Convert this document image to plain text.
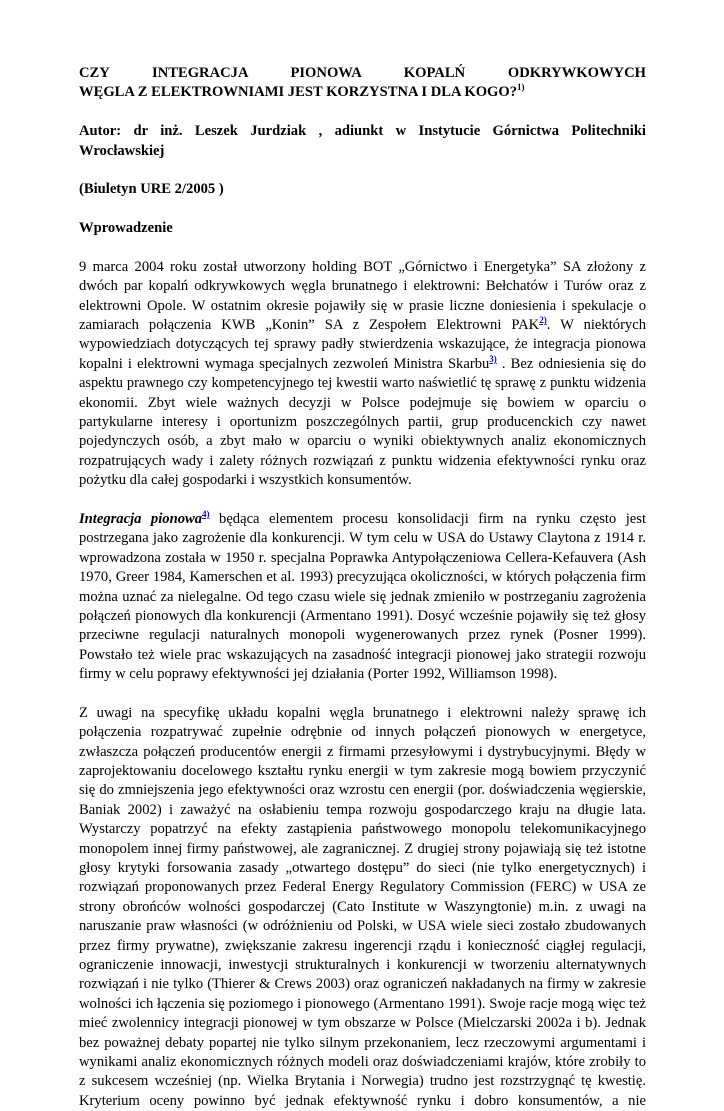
CZY INTEGRACJA PIONOWA KOPALŃ ODKRYWKOWYCH

WĘGLA Z ELEKTROWNIAMI JEST KORZYSTNA I DLA KOGO?$^{1)}$

Autor: dr inż. Leszek Jurdziak , adiunkt w Instytucie Górnictwa Politechniki

Wrocławskiej

(Biuletyn URE 2/2005 )

Wprowadzenie

9 marca 2004 roku został utworzony holding BOT „Górnictwo i Energetyka” SA złożony z

dwóch par kopalń odkrywkowych węgla brunatnego i elektrowni: Bełchatów i Turów oraz z

elektrowni Opole. W ostatnim okresie pojawiły się w prasie liczne doniesienia i spekulacje o

zamiarach połączenia KWB „Konin” SA z Zespołem Elektrowni PAK$^{2)}$. W niektórych

wypowiedziach dotyczących tej sprawy padły stwierdzenia wskazujące, że integracja pionowa

kopalni i elektrowni wymaga specjalnych zezwoleń Ministra Skarbu$^{3)}$ . Bez odniesienia się do

aspektu prawnego czy kompetencyjnego tej kwestii warto naświetlić tę sprawę z punktu widzenia

ekonomii. Zbyt wiele ważnych decyzji w Polsce podejmuje się bowiem w oparciu o

partykularne interesy i oportunizm poszczególnych partii, grup producenckich czy nawet

pojedynczych osób, a zbyt mało w oparciu o wyniki obiektywnych analiz ekonomicznych

rozpatrujących wady i zalety różnych rozwiązań z punktu widzenia efektywności rynku oraz

pożytku dla całej gospodarki i wszystkich konsumentów.

Integracja pionowa$^{4)}$ będąca elementem procesu konsolidacji firm na rynku często jest

postrzegana jako zagrożenie dla konkurencji. W tym celu w USA do Ustawy Claytona z 1914 r.

wprowadzona została w 1950 r. specjalna Poprawka Antypołączeniowa Cellera-Kefauvera (Ash

1970, Greer 1984, Kamerschen et al. 1993) precyzująca okoliczności, w których połączenia firm

można uznać za nielegalne. Od tego czasu wiele się jednak zmieniło w postrzeganiu zagrożenia

połączeń pionowych dla konkurencji (Armentano 1991). Dosyć wcześnie pojawiły się też głosy

przeciwne regulacji naturalnych monopoli wygenerowanych przez rynek (Posner 1999).

Powstało też wiele prac wskazujących na zasadność integracji pionowej jako strategii rozwoju

firmy w celu poprawy efektywności jej działania (Porter 1992, Williamson 1998).

Z uwagi na specyfikę układu kopalni węgla brunatnego i elektrowni należy sprawę ich

połączenia rozpatrywać zupełnie odrębnie od innych połączeń pionowych w energetyce,

zwłaszcza połączeń producentów energii z firmami przesyłowymi i dystrybucyjnymi. Błędy w

zaprojektowaniu docelowego kształtu rynku energii w tym zakresie mogą bowiem przyczynić

się do zmniejszenia jego efektywności oraz wzrostu cen energii (por. doświadczenia węgierskie,

Baniak 2002) i zaważyć na osłabieniu tempa rozwoju gospodarczego kraju na długie lata.

Wystarczy popatrzyć na efekty zastąpienia państwowego monopolu telekomunikacyjnego

monopolem innej firmy państwowej, ale zagranicznej. Z drugiej strony pojawiają się też istotne

głosy krytyki forsowania zasady „otwartego dostępu” do sieci (nie tylko energetycznych) i

rozwiązań proponowanych przez Federal Energy Regulatory Commission (FERC) w USA ze

strony obrońców wolności gospodarczej (Cato Institute w Waszyngtonie) m.in. z uwagi na

naruszanie praw własności (w odróżnieniu od Polski, w USA wiele sieci zostało zbudowanych

przez firmy prywatne), zwiększanie zakresu ingerencji rządu i konieczność ciągłej regulacji,

ograniczenie innowacji, inwestycji strukturalnych i konkurencji w tworzeniu alternatywnych

rozwiązań i nie tylko (Thierer & Crews 2003) oraz ograniczeń nakładanych na firmy w zakresie

wolności ich łączenia się poziomego i pionowego (Armentano 1991). Swoje racje mogą więc też

mieć zwolennicy integracji pionowej w tym obszarze w Polsce (Mielczarski 2002a i b). Jednak

bez poważnej debaty popartej nie tylko silnym przekonaniem, lecz rzeczowymi argumentami i

wynikami analiz ekonomicznych różnych modeli oraz doświadczeniami krajów, które zrobiły to

z sukcesem wcześniej (np. Wielka Brytania i Norwegia) trudno jest rozstrzygnąć tę kwestię.

Kryterium oceny powinno być jednak efektywność rynku i dobro konsumentów, a nie
